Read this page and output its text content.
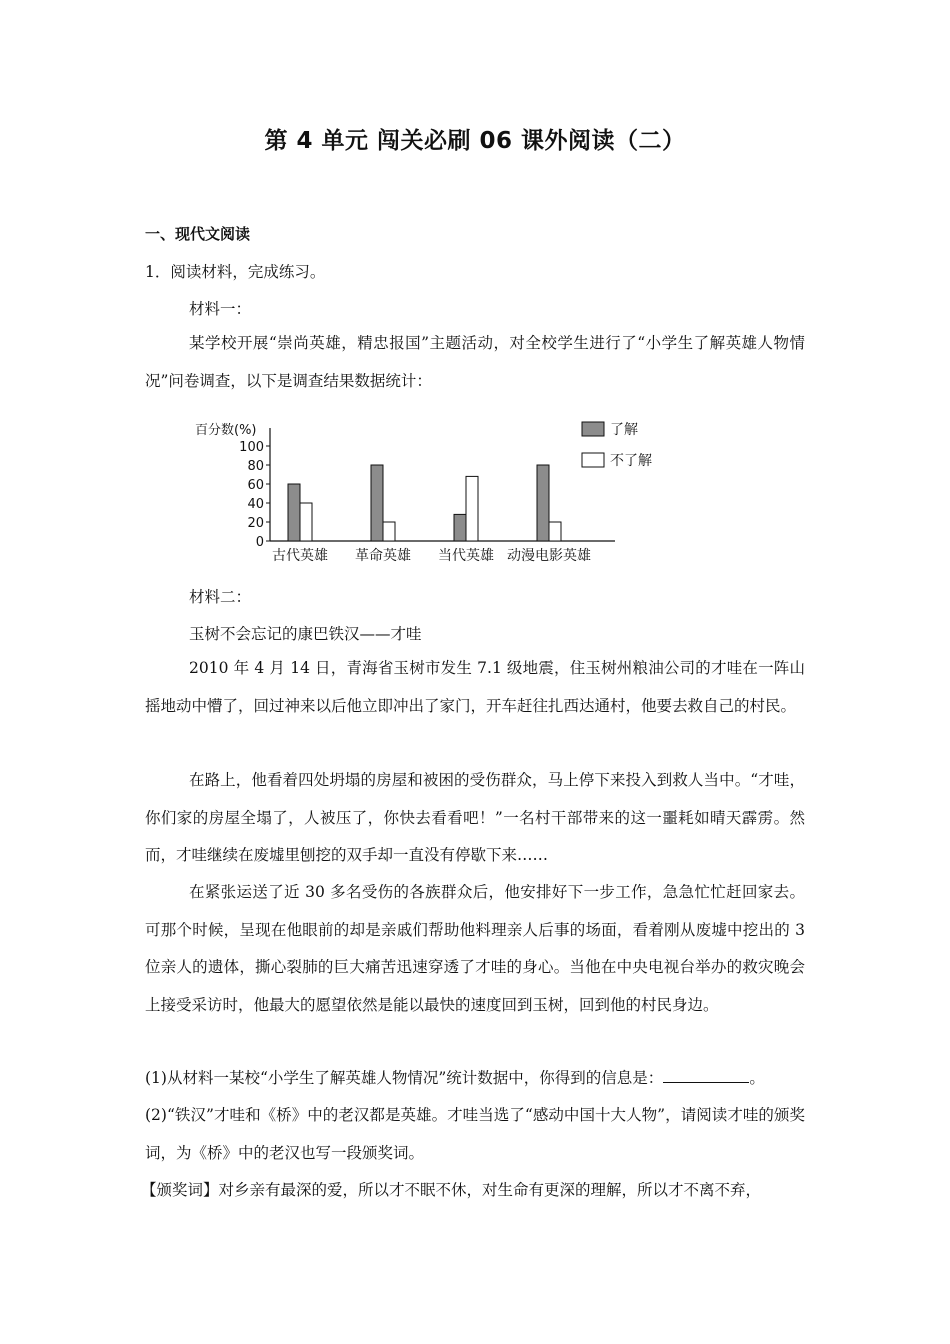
第 4 单元 闯关必刷 06 课外阅读（二）
一、现代文阅读
1．阅读材料，完成练习。
材料一：
某学校开展“崇尚英雄，精忠报国”主题活动，对全校学生进行了“小学生了解英雄人物情况”问卷调查，以下是调查结果数据统计：
百分数(%)
0
20
40
60
80
100
古代英雄 革命英雄 当代英雄 动漫电影英雄
了解
不了解
材料二：
玉树不会忘记的康巴铁汉——才哇
2010 年 4 月 14 日，青海省玉树市发生 7.1 级地震，住玉树州粮油公司的才哇在一阵山摇地动中懵了，回过神来以后他立即冲出了家门，开车赶往扎西达通村，他要去救自己的村民。
在路上，他看着四处坍塌的房屋和被困的受伤群众，马上停下来投入到救人当中。“才哇，你们家的房屋全塌了，人被压了，你快去看看吧！”一名村干部带来的这一噩耗如晴天霹雳。然而，才哇继续在废墟里刨挖的双手却一直没有停歇下来……
在紧张运送了近 30 多名受伤的各族群众后，他安排好下一步工作，急急忙忙赶回家去。可那个时候，呈现在他眼前的却是亲戚们帮助他料理亲人后事的场面，看着刚从废墟中挖出的 3 位亲人的遗体，撕心裂肺的巨大痛苦迅速穿透了才哇的身心。当他在中央电视台举办的救灾晚会上接受采访时，他最大的愿望依然是能以最快的速度回到玉树，回到他的村民身边。
(1)从材料一某校“小学生了解英雄人物情况”统计数据中，你得到的信息是：	。
(2)“铁汉”才哇和《桥》中的老汉都是英雄。才哇当选了“感动中国十大人物”，请阅读才哇的颁奖词，为《桥》中的老汉也写一段颁奖词。
【颁奖词】对乡亲有最深的爱，所以才不眠不休，对生命有更深的理解，所以才不离不弃，
